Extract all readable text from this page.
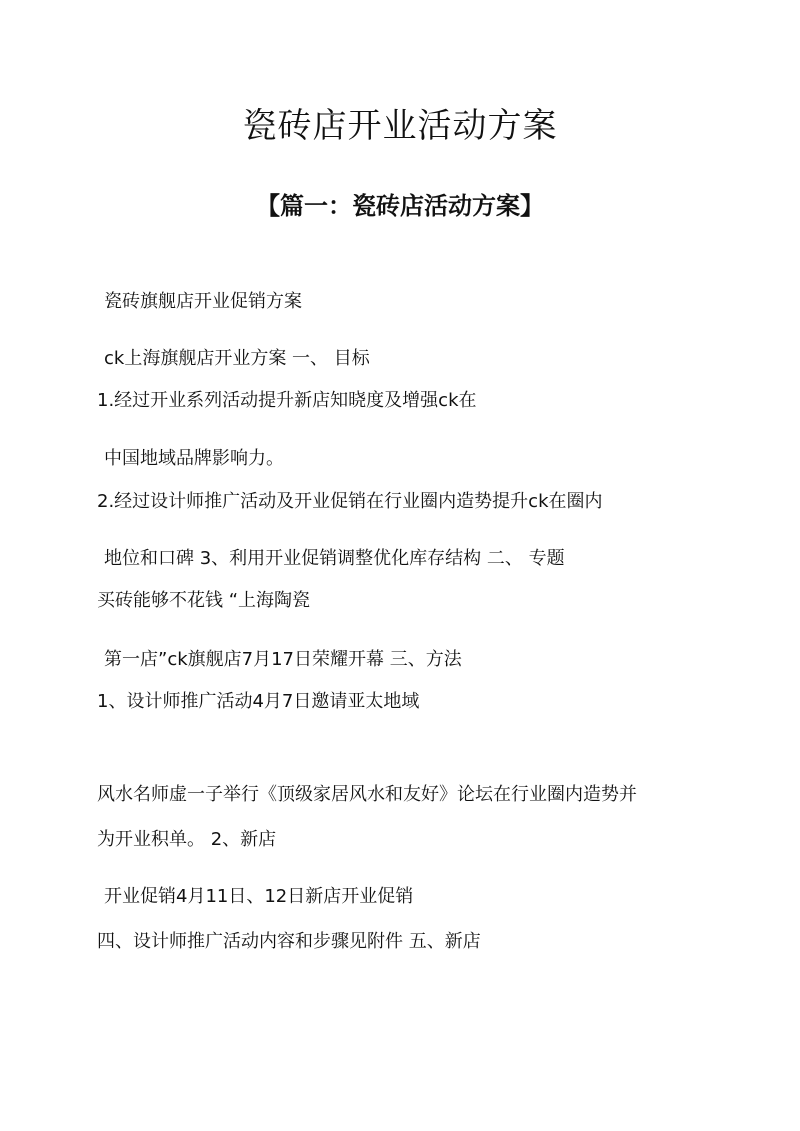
瓷砖店开业活动方案
【篇一：瓷砖店活动方案】

瓷砖旗舰店开业促销方案

ck上海旗舰店开业方案 一、 目标

1.经过开业系列活动提升新店知晓度及增强ck在

中国地域品牌影响力。

2.经过设计师推广活动及开业促销在行业圈内造势提升ck在圈内

地位和口碑 3、利用开业促销调整优化库存结构 二、 专题

买砖能够不花钱 “上海陶瓷

第一店”ck旗舰店7月17日荣耀开幕 三、方法

1、设计师推广活动4月7日邀请亚太地域

风水名师虚一子举行《顶级家居风水和友好》论坛在行业圈内造势并

为开业积单。 2、新店

开业促销4月11日、12日新店开业促销

四、设计师推广活动内容和步骤见附件 五、新店
